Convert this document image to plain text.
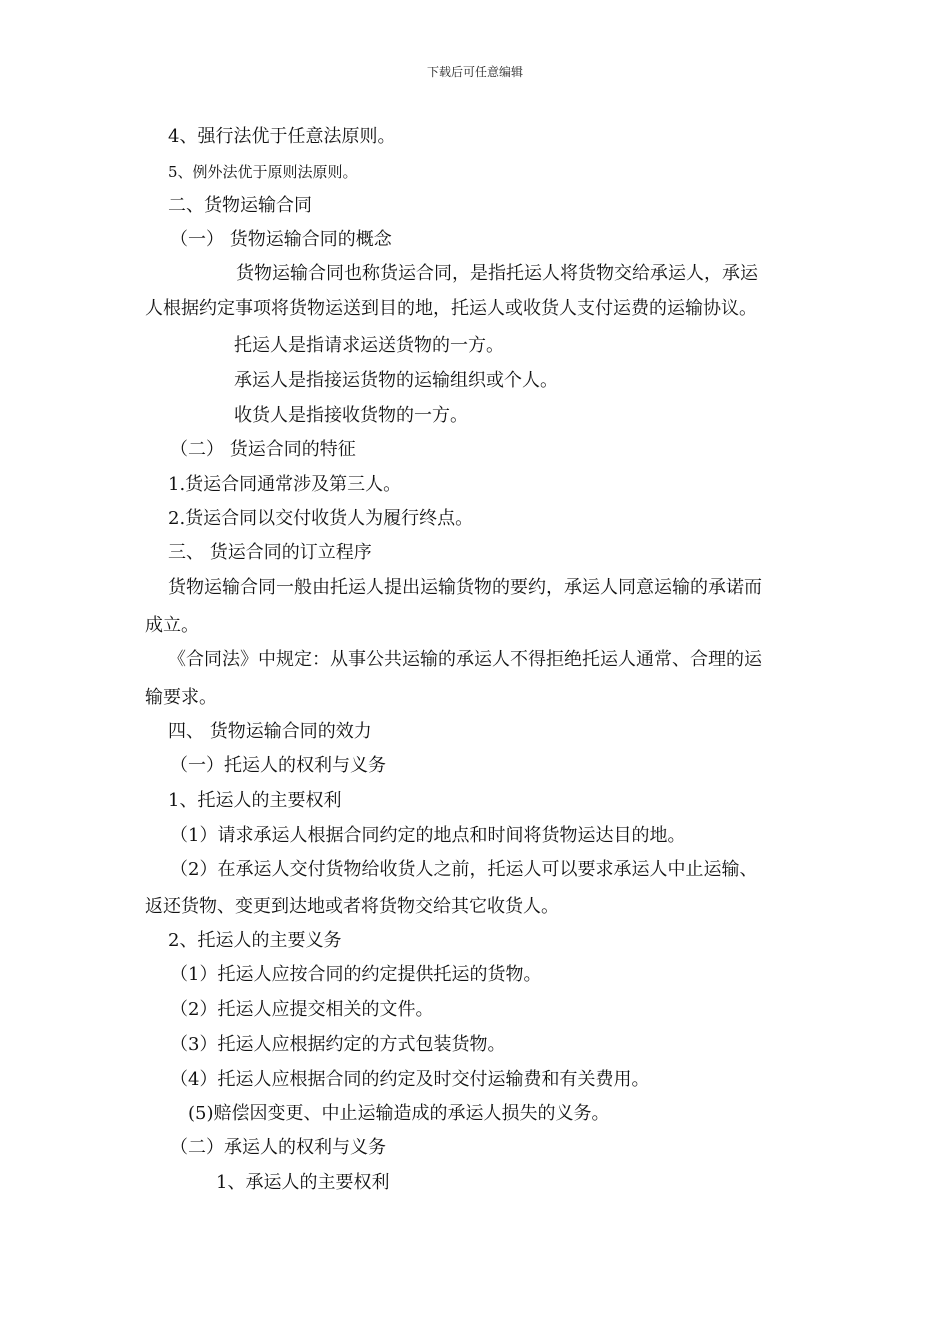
下载后可任意编辑
4、强行法优于任意法原则。
5、例外法优于原则法原则。
二、货物运输合同
（一） 货物运输合同的概念
货物运输合同也称货运合同，是指托运人将货物交给承运人，承运
人根据约定事项将货物运送到目的地，托运人或收货人支付运费的运输协议。
托运人是指请求运送货物的一方。
承运人是指接运货物的运输组织或个人。
收货人是指接收货物的一方。
（二） 货运合同的特征
1.货运合同通常涉及第三人。
2.货运合同以交付收货人为履行终点。
三、 货运合同的订立程序
货物运输合同一般由托运人提出运输货物的要约，承运人同意运输的承诺而
成立。
《合同法》中规定：从事公共运输的承运人不得拒绝托运人通常、合理的运
输要求。
四、 货物运输合同的效力
（一）托运人的权利与义务
1、托运人的主要权利
（1）请求承运人根据合同约定的地点和时间将货物运达目的地。
（2）在承运人交付货物给收货人之前，托运人可以要求承运人中止运输、
返还货物、变更到达地或者将货物交给其它收货人。
2、托运人的主要义务
（1）托运人应按合同的约定提供托运的货物。
（2）托运人应提交相关的文件。
（3）托运人应根据约定的方式包装货物。
（4）托运人应根据合同的约定及时交付运输费和有关费用。
(5)赔偿因变更、中止运输造成的承运人损失的义务。
（二）承运人的权利与义务
1、承运人的主要权利
